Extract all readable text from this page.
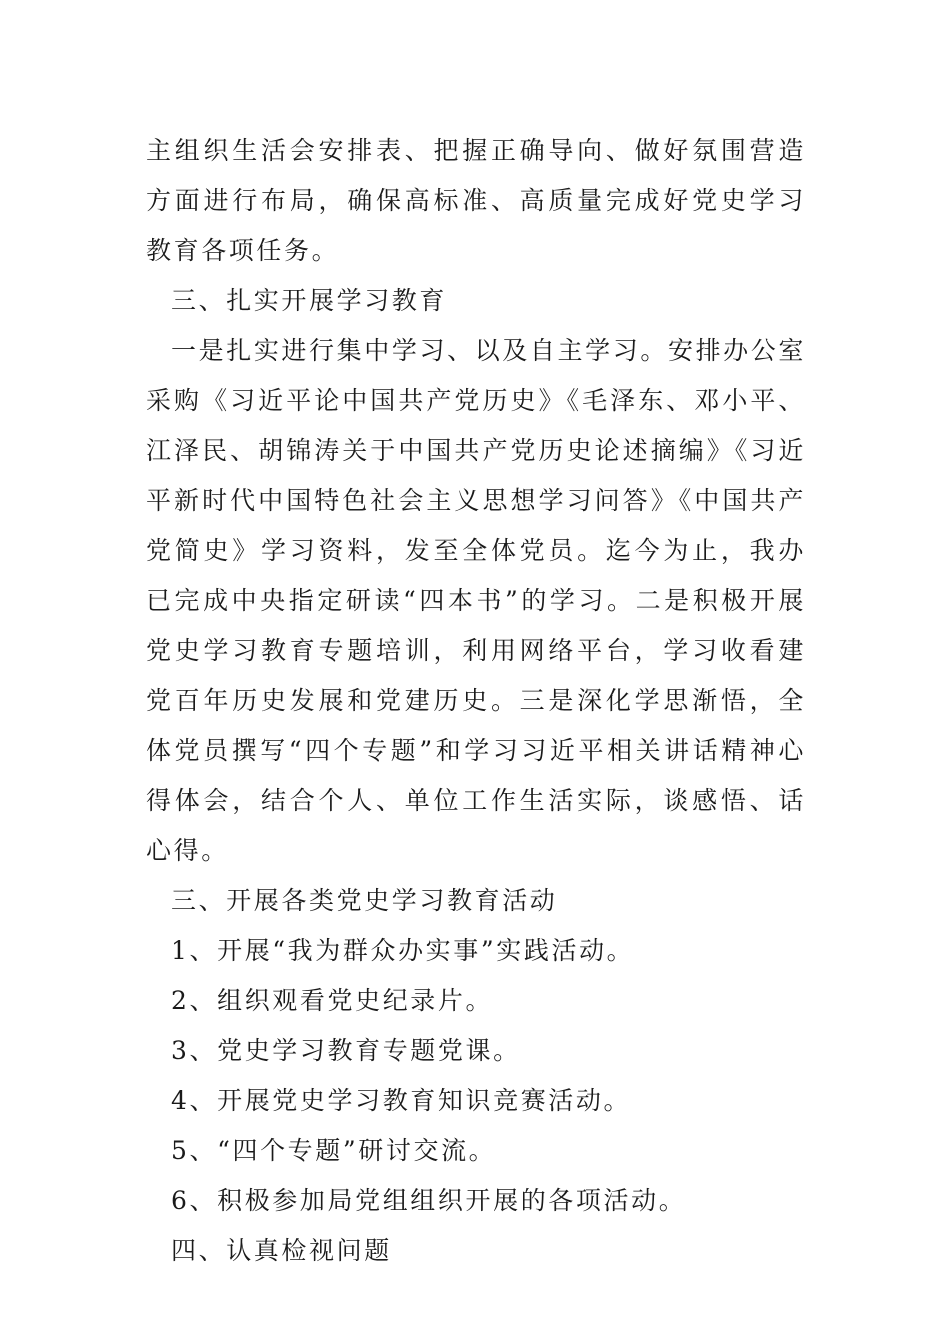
主组织生活会安排表、把握正确导向、做好氛围营造方面进行布局，确保高标准、高质量完成好党史学习教育各项任务。

三、扎实开展学习教育

一是扎实进行集中学习、以及自主学习。安排办公室采购《习近平论中国共产党历史》《毛泽东、邓小平、江泽民、胡锦涛关于中国共产党历史论述摘编》《习近平新时代中国特色社会主义思想学习问答》《中国共产党简史》学习资料，发至全体党员。迄今为止，我办已完成中央指定研读“四本书”的学习。二是积极开展党史学习教育专题培训，利用网络平台，学习收看建党百年历史发展和党建历史。三是深化学思渐悟，全体党员撰写“四个专题”和学习习近平相关讲话精神心得体会，结合个人、单位工作生活实际，谈感悟、话心得。

三、开展各类党史学习教育活动

1、开展“我为群众办实事”实践活动。

2、组织观看党史纪录片。

3、党史学习教育专题党课。

4、开展党史学习教育知识竞赛活动。

5、“四个专题”研讨交流。

6、积极参加局党组组织开展的各项活动。

四、认真检视问题
